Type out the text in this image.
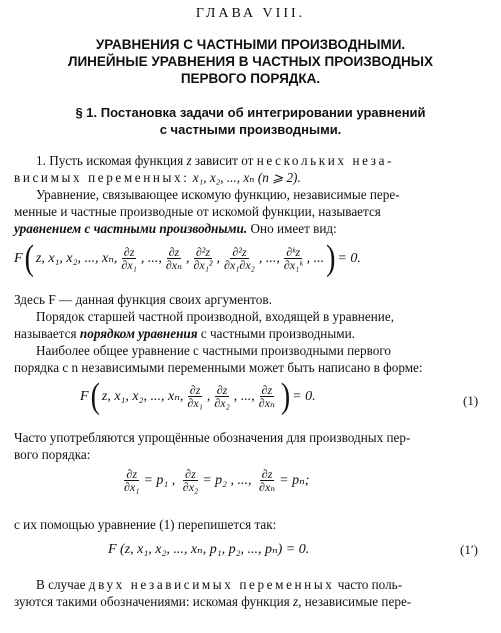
ГЛАВА VIII.
УРАВНЕНИЯ С ЧАСТНЫМИ ПРОИЗВОДНЫМИ.
ЛИНЕЙНЫЕ УРАВНЕНИЯ В ЧАСТНЫХ ПРОИЗВОДНЫХ
ПЕРВОГО ПОРЯДКА.
§ 1. Постановка задачи об интегрировании уравнений
с частными производными.
1. Пусть искомая функция z зависит от нескольких неза-
висимых переменных: x₁, x₂, ..., xₙ (n ⩾ 2).
Уравнение, связывающее искомую функцию, независимые пере-
менные и частные производные от искомой функции, называется
уравнением с частными производными. Оно имеет вид:
F ( z, x₁, x₂, ..., xₙ, $\frac{\partial z}{\text{∂x₁}}$ , ..., $\frac{\partial z}{\text{∂xₙ}}$ , $\frac{\text{∂²z}}{\text{∂x₁²}}$ , $\frac{\text{∂²z}}{\text{∂x₁∂x₂}}$ , ..., $\frac{\text{∂ᵏz}}{\text{∂x₁ᵏ}}$ , ... ) = 0.
Здесь F — данная функция своих аргументов.
Порядок старшей частной производной, входящей в уравнение,
называется порядком уравнения с частными производными.
Наиболее общее уравнение с частными производными первого
порядка с n независимыми переменными может быть написано в форме:
F ( z, x₁, x₂, ..., xₙ, $\frac{\partial z}{\text{∂x₁}}$ , $\frac{\partial z}{\text{∂x₂}}$ , ..., $\frac{\partial z}{\text{∂xₙ}}$ ) = 0.	(1)
Часто употребляются упрощённые обозначения для производных пер-
вого порядка:
$\frac{\partial z}{\text{∂x₁}} = p_1$ ,
$\frac{\partial z}{\text{∂x₂}} = p_2$ , ...,
$\frac{\partial z}{\text{∂xₙ}} = p_n$;
с их помощью уравнение (1) перепишется так:
F (z, x₁, x₂, ..., xₙ, p₁, p₂, ..., pₙ) = 0.	(1′)
В случае двух независимых переменных часто поль-
зуются такими обозначениями: искомая функция z, независимые пере-
